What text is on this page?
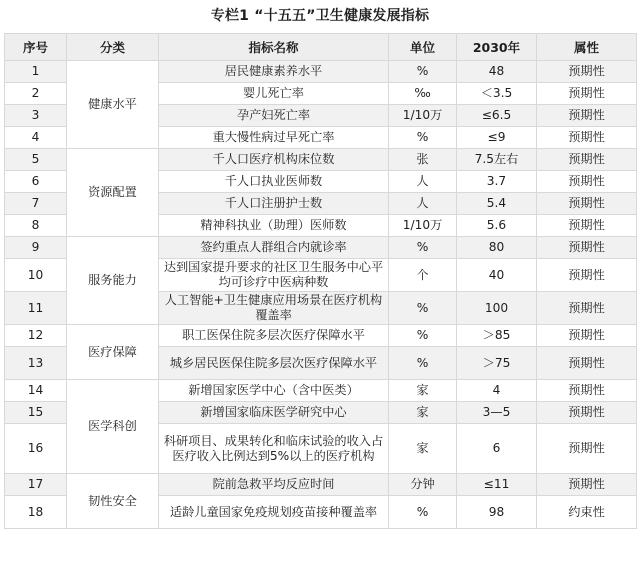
专栏1 “十五五”卫生健康发展指标
序号	分类	指标名称	单位	2030年	属性
1	健康水平	居民健康素养水平	%	48	预期性
2		婴儿死亡率	‰	＜3.5	预期性
3		孕产妇死亡率	1/10万	≤6.5	预期性
4		重大慢性病过早死亡率	%	≤9	预期性
5	资源配置	千人口医疗机构床位数	张	7.5左右	预期性
6		千人口执业医师数	人	3.7	预期性
7		千人口注册护士数	人	5.4	预期性
8		精神科执业（助理）医师数	1/10万	5.6	预期性
9	服务能力	签约重点人群组合内就诊率	%	80	预期性
10		达到国家提升要求的社区卫生服务中心平均可诊疗中医病种数	个	40	预期性
11		人工智能+卫生健康应用场景在医疗机构覆盖率	%	100	预期性
12	医疗保障	职工医保住院多层次医疗保障水平	%	＞85	预期性
13		城乡居民医保住院多层次医疗保障水平	%	＞75	预期性
14	医学科创	新增国家医学中心（含中医类）	家	4	预期性
15		新增国家临床医学研究中心	家	3—5	预期性
16		科研项目、成果转化和临床试验的收入占医疗收入比例达到5%以上的医疗机构	家	6	预期性
17	韧性安全	院前急救平均反应时间	分钟	≤11	预期性
18		适龄儿童国家免疫规划疫苗接种覆盖率	%	98	约束性
